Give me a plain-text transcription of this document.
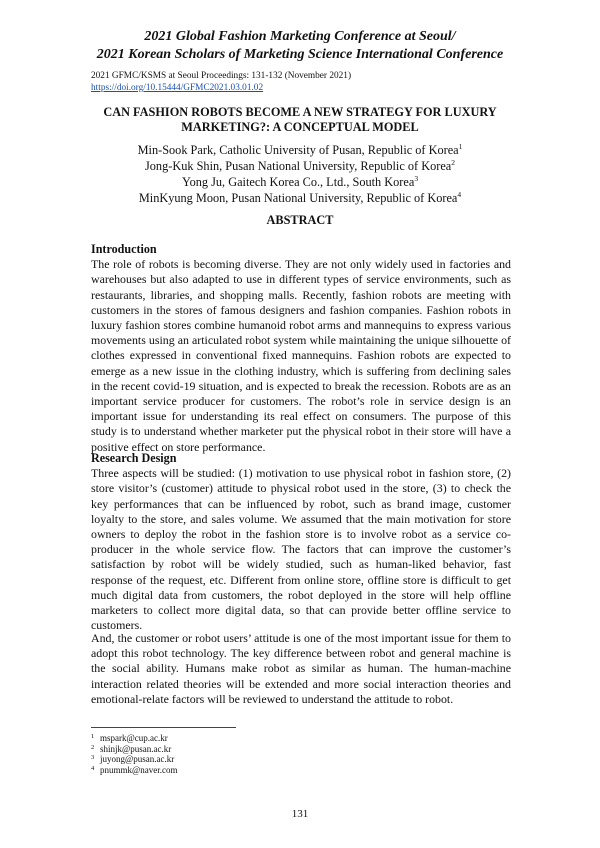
2021 Global Fashion Marketing Conference at Seoul/
2021 Korean Scholars of Marketing Science International Conference
2021 GFMC/KSMS at Seoul Proceedings: 131-132 (November 2021)
https://doi.org/10.15444/GFMC2021.03.01.02
CAN FASHION ROBOTS BECOME A NEW STRATEGY FOR LUXURY
MARKETING?: A CONCEPTUAL MODEL
Min-Sook Park, Catholic University of Pusan, Republic of Korea$^1$
Jong-Kuk Shin, Pusan National University, Republic of Korea$^2$
Yong Ju, Gaitech Korea Co., Ltd., South Korea$^3$
MinKyung Moon, Pusan National University, Republic of Korea$^4$
ABSTRACT
Introduction

The role of robots is becoming diverse. They are not only widely used in factories and warehouses but also adapted to use in different types of service environments, such as restaurants, libraries, and shopping malls. Recently, fashion robots are meeting with customers in the stores of famous designers and fashion companies. Fashion robots in luxury fashion stores combine humanoid robot arms and mannequins to express various movements using an articulated robot system while maintaining the unique silhouette of clothes expressed in conventional fixed mannequins. Fashion robots are expected to emerge as a new issue in the clothing industry, which is suffering from declining sales in the recent covid-19 situation, and is expected to break the recession. Robots are as an important service producer for customers. The robot’s role in service design is an important issue for understanding its real effect on consumers. The purpose of this study is to understand whether marketer put the physical robot in their store will have a positive effect on store performance.

Research Design

Three aspects will be studied: (1) motivation to use physical robot in fashion store, (2) store visitor’s (customer) attitude to physical robot used in the store, (3) to check the key performances that can be influenced by robot, such as brand image, customer loyalty to the store, and sales volume. We assumed that the main motivation for store owners to deploy the robot in the fashion store is to involve robot as a service co-producer in the whole service flow. The factors that can improve the customer’s satisfaction by robot will be widely studied, such as human-liked behavior, fast response of the request, etc. Different from online store, offline store is difficult to get much digital data from customers, the robot deployed in the store will help offline marketers to collect more digital data, so that can provide better offline service to customers.

And, the customer or robot users’ attitude is one of the most important issue for them to adopt this robot technology. The key difference between robot and general machine is the social ability. Humans make robot as similar as human. The human-machine interaction related theories will be extended and more social interaction theories and emotional-relate factors will be reviewed to understand the attitude to robot.

1 mspark@cup.ac.kr
2 shinjk@pusan.ac.kr
3 juyong@pusan.ac.kr
4 pnummk@naver.com
131
